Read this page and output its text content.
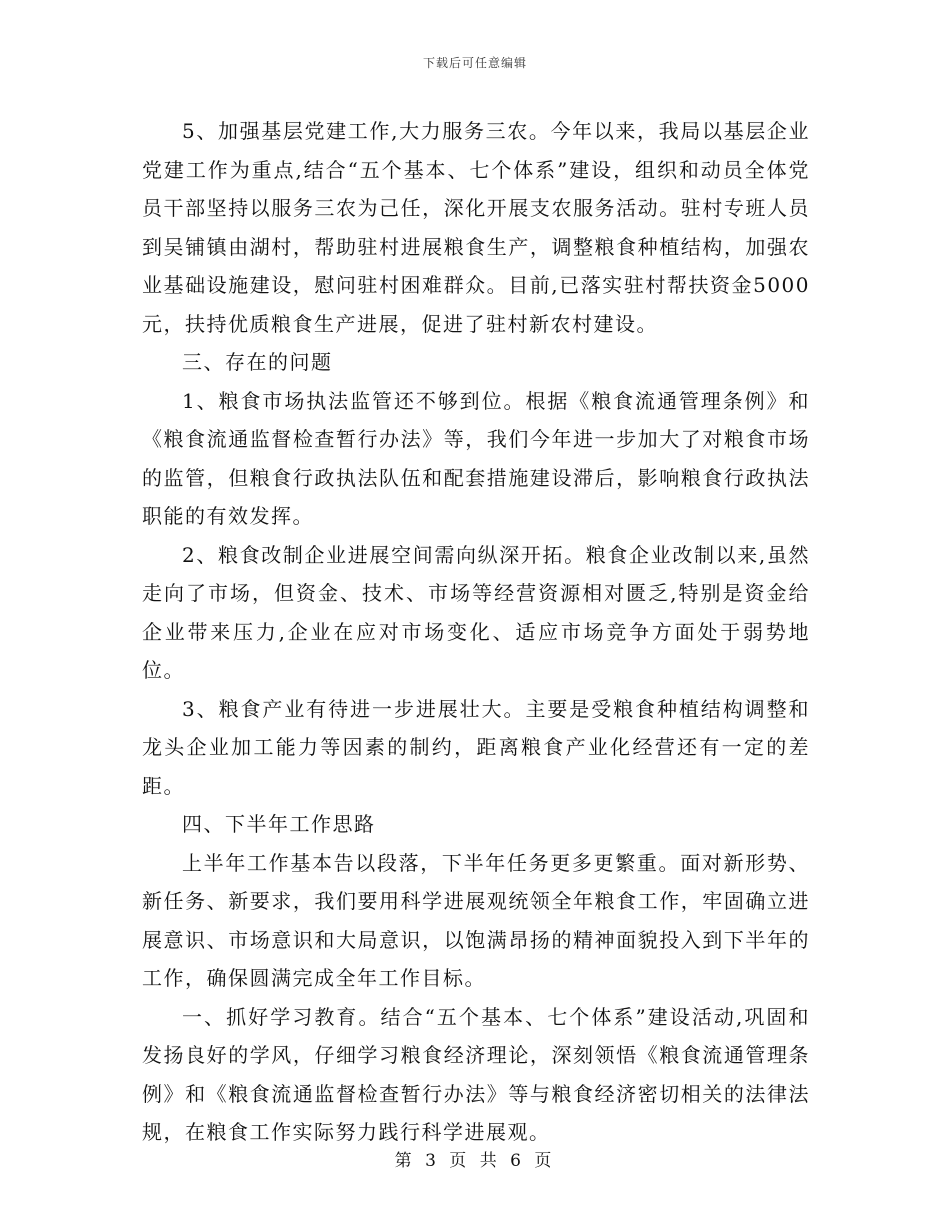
下载后可任意编辑

5、加强基层党建工作,大力服务三农。今年以来，我局以基层企业党建工作为重点,结合“五个基本、七个体系”建设，组织和动员全体党员干部坚持以服务三农为己任，深化开展支农服务活动。驻村专班人员到吴铺镇由湖村，帮助驻村进展粮食生产，调整粮食种植结构，加强农业基础设施建设，慰问驻村困难群众。目前,已落实驻村帮扶资金5000元，扶持优质粮食生产进展，促进了驻村新农村建设。

三、存在的问题

1、粮食市场执法监管还不够到位。根据《粮食流通管理条例》和《粮食流通监督检查暂行办法》等，我们今年进一步加大了对粮食市场的监管，但粮食行政执法队伍和配套措施建设滞后，影响粮食行政执法职能的有效发挥。

2、粮食改制企业进展空间需向纵深开拓。粮食企业改制以来,虽然走向了市场，但资金、技术、市场等经营资源相对匮乏,特别是资金给企业带来压力,企业在应对市场变化、适应市场竞争方面处于弱势地位。

3、粮食产业有待进一步进展壮大。主要是受粮食种植结构调整和龙头企业加工能力等因素的制约，距离粮食产业化经营还有一定的差距。

四、下半年工作思路

上半年工作基本告以段落，下半年任务更多更繁重。面对新形势、新任务、新要求，我们要用科学进展观统领全年粮食工作，牢固确立进展意识、市场意识和大局意识，以饱满昂扬的精神面貌投入到下半年的工作，确保圆满完成全年工作目标。

一、抓好学习教育。结合“五个基本、七个体系”建设活动,巩固和发扬良好的学风，仔细学习粮食经济理论，深刻领悟《粮食流通管理条例》和《粮食流通监督检查暂行办法》等与粮食经济密切相关的法律法规，在粮食工作实际努力践行科学进展观。

第 3 页 共 6 页
